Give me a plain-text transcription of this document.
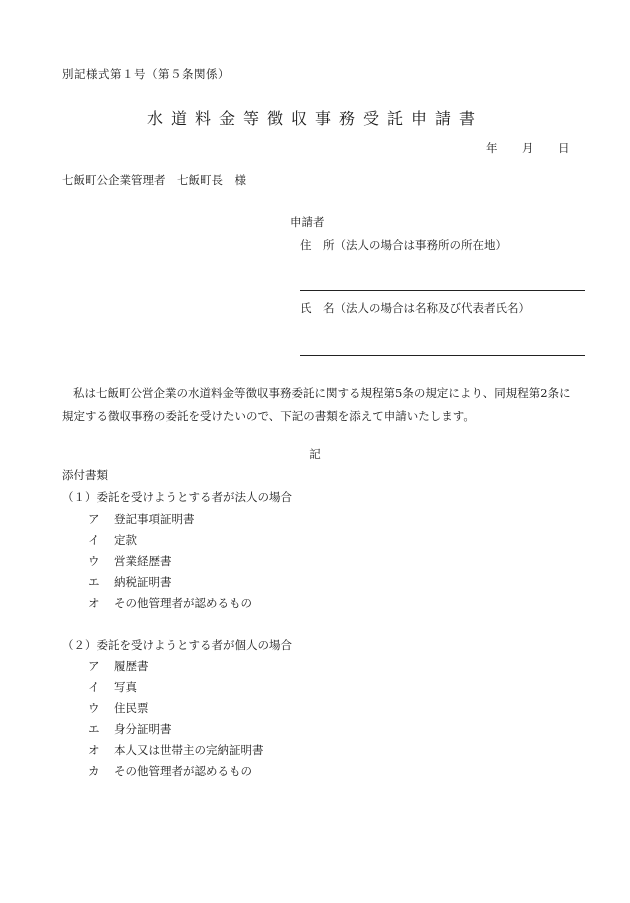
別記様式第１号（第５条関係）
水道料金等徴収事務受託申請書
年 月 日
七飯町公企業管理者　七飯町長　様
申請者
住　所（法人の場合は事務所の所在地）
氏　名（法人の場合は名称及び代表者氏名）

私は七飯町公営企業の水道料金等徴収事務委託に関する規程第5条の規定により、同規程第2条に規定する徴収事務の委託を受けたいので、下記の書類を添えて申請いたします。

記
添付書類
（１）委託を受けようとする者が法人の場合
ア 登記事項証明書
イ 定款
ウ 営業経歴書
エ 納税証明書
オ その他管理者が認めるもの
（２）委託を受けようとする者が個人の場合
ア 履歴書
イ 写真
ウ 住民票
エ 身分証明書
オ 本人又は世帯主の完納証明書
カ その他管理者が認めるもの
